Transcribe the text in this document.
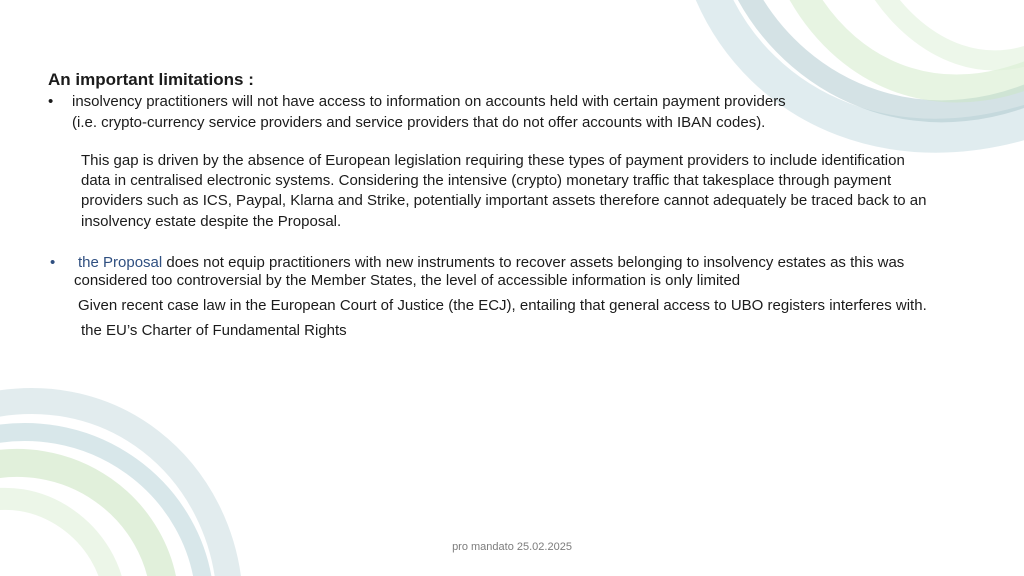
An important limitations :
• insolvency practitioners will not have access to information on accounts held with certain payment providers
(i.e. crypto-currency service providers and service providers that do not offer accounts with IBAN codes).
This gap is driven by the absence of European legislation requiring these types of payment providers to include identification
data in centralised electronic systems. Considering the intensive (crypto) monetary traffic that takesplace through payment
providers such as ICS, Paypal, Klarna and Strike, potentially important assets therefore cannot adequately be traced back to an
insolvency estate despite the Proposal.
• the Proposal does not equip practitioners with new instruments to recover assets belonging to insolvency estates as this was
considered too controversial by the Member States, the level of accessible information is only limited
Given recent case law in the European Court of Justice (the ECJ), entailing that general access to UBO registers interferes with.
the EU’s Charter of Fundamental Rights
pro mandato 25.02.2025
